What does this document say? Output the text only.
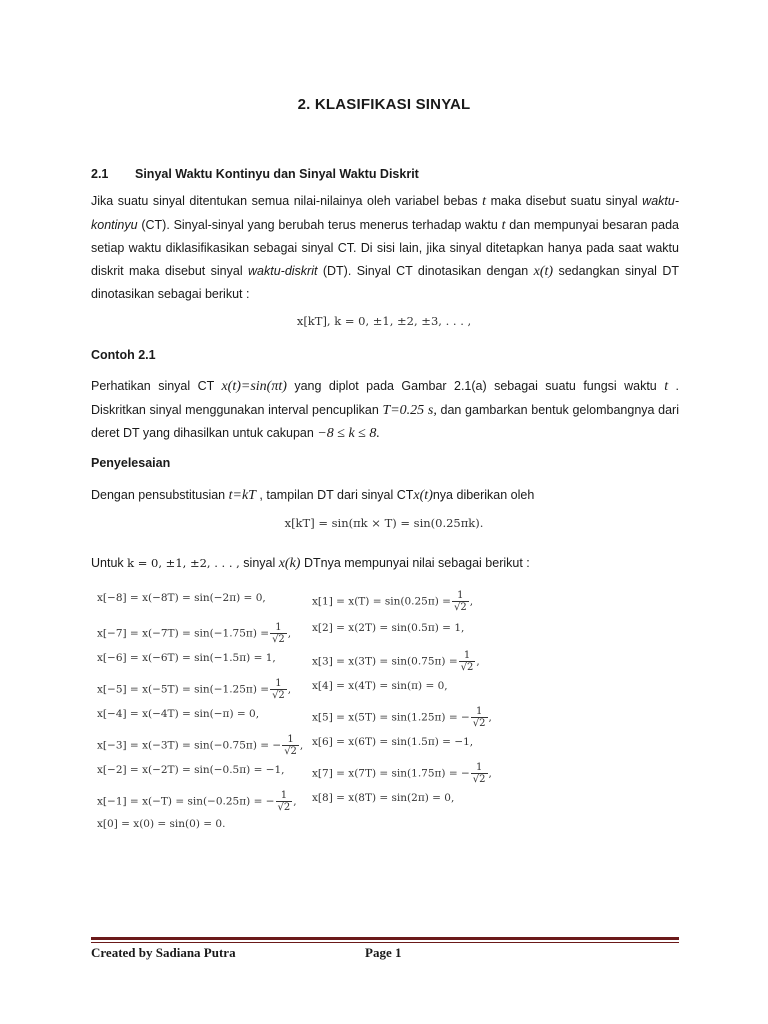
2. KLASIFIKASI SINYAL
2.1 Sinyal Waktu Kontinyu dan Sinyal Waktu Diskrit
Jika suatu sinyal ditentukan semua nilai-nilainya oleh variabel bebas t maka disebut suatu sinyal waktu-kontinyu (CT). Sinyal-sinyal yang berubah terus menerus terhadap waktu t dan mempunyai besaran pada setiap waktu diklasifikasikan sebagai sinyal CT. Di sisi lain, jika sinyal ditetapkan hanya pada saat waktu diskrit maka disebut sinyal waktu-diskrit (DT). Sinyal CT dinotasikan dengan x(t) sedangkan sinyal DT dinotasikan sebagai berikut :
x[kT], k = 0, ±1, ±2, ±3, . . . ,
Contoh 2.1
Perhatikan sinyal CT x(t)=sin(πt) yang diplot pada Gambar 2.1(a) sebagai suatu fungsi waktu t . Diskritkan sinyal menggunakan interval pencuplikan T=0.25 s, dan gambarkan bentuk gelombangnya dari deret DT yang dihasilkan untuk cakupan −8 ≤ k ≤ 8.
Penyelesaian
Dengan pensubstitusian t=kT , tampilan DT dari sinyal CTx(t)nya diberikan oleh
x[kT] = sin(πk × T) = sin(0.25πk).
Untuk k = 0, ±1, ±2, . . . , sinyal x(k) DTnya mempunyai nilai sebagai berikut :
x[−8] = x(−8T) = sin(−2π) = 0,
$x[-7] = x(-7T) = \sin(-1.75\pi) = \frac{1}{√2}$ ,
x[−6] = x(−6T) = sin(−1.5π) = 1,
$x[-5] = x(-5T) = \sin(-1.25\pi) = \frac{1}{√2}$ ,
x[−4] = x(−4T) = sin(−π) = 0,
x[−3] = x(−3T) = sin(−0.75π) = − $\frac{1}{√2}$ ,
x[−2] = x(−2T) = sin(−0.5π) = −1,
x[−1] = x(−T) = sin(−0.25π) = − $\frac{1}{√2}$ ,
x[0] = x(0) = sin(0) = 0.
$x[1] = x(T) = \sin(0.25\pi) = \frac{1}{√2}$ ,
x[2] = x(2T) = sin(0.5π) = 1,
$x[3] = x(3T) = \sin(0.75\pi) = \frac{1}{√2}$ ,
x[4] = x(4T) = sin(π) = 0,
x[5] = x(5T) = sin(1.25π) = − $\frac{1}{√2}$ ,
x[6] = x(6T) = sin(1.5π) = −1,
x[7] = x(7T) = sin(1.75π) = − $\frac{1}{√2}$ ,
x[8] = x(8T) = sin(2π) = 0,
Created by Sadiana Putra	Page 1
